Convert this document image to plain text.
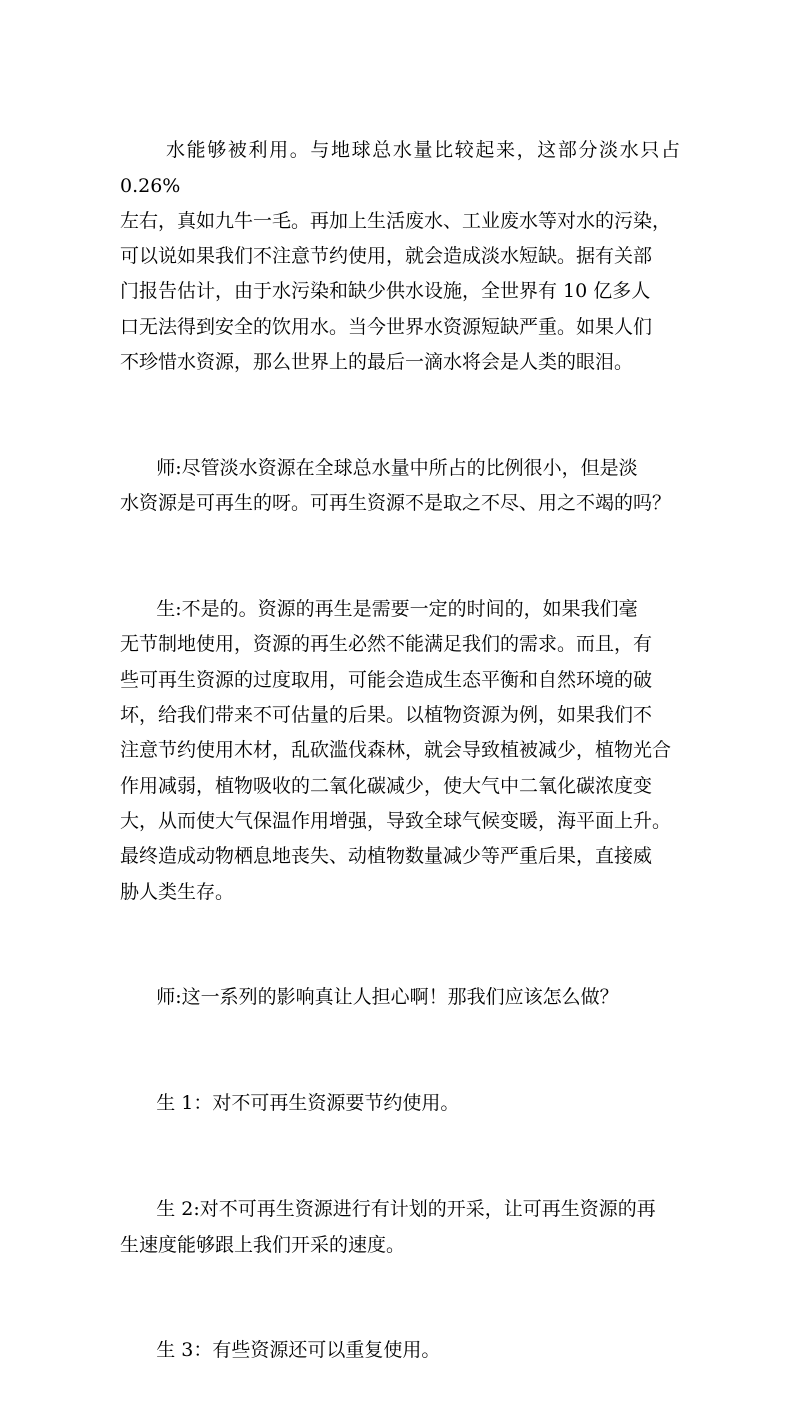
水能够被利用。与地球总水量比较起来，这部分淡水只占 0.26%
左右，真如九牛一毛。再加上生活废水、工业废水等对水的污染，
可以说如果我们不注意节约使用，就会造成淡水短缺。据有关部
门报告估计，由于水污染和缺少供水设施，全世界有 10 亿多人
口无法得到安全的饮用水。当今世界水资源短缺严重。如果人们
不珍惜水资源，那么世界上的最后一滴水将会是人类的眼泪。

师:尽管淡水资源在全球总水量中所占的比例很小，但是淡
水资源是可再生的呀。可再生资源不是取之不尽、用之不竭的吗？

生:不是的。资源的再生是需要一定的时间的，如果我们毫
无节制地使用，资源的再生必然不能满足我们的需求。而且，有
些可再生资源的过度取用，可能会造成生态平衡和自然环境的破
坏，给我们带来不可估量的后果。以植物资源为例，如果我们不
注意节约使用木材，乱砍滥伐森林，就会导致植被减少，植物光合
作用减弱，植物吸收的二氧化碳减少，使大气中二氧化碳浓度变
大，从而使大气保温作用增强，导致全球气候变暖，海平面上升。
最终造成动物栖息地丧失、动植物数量减少等严重后果，直接威
胁人类生存。

师:这一系列的影响真让人担心啊！那我们应该怎么做？

生 1：对不可再生资源要节约使用。

生 2:对不可再生资源进行有计划的开采，让可再生资源的再
生速度能够跟上我们开采的速度。

生 3：有些资源还可以重复使用。
